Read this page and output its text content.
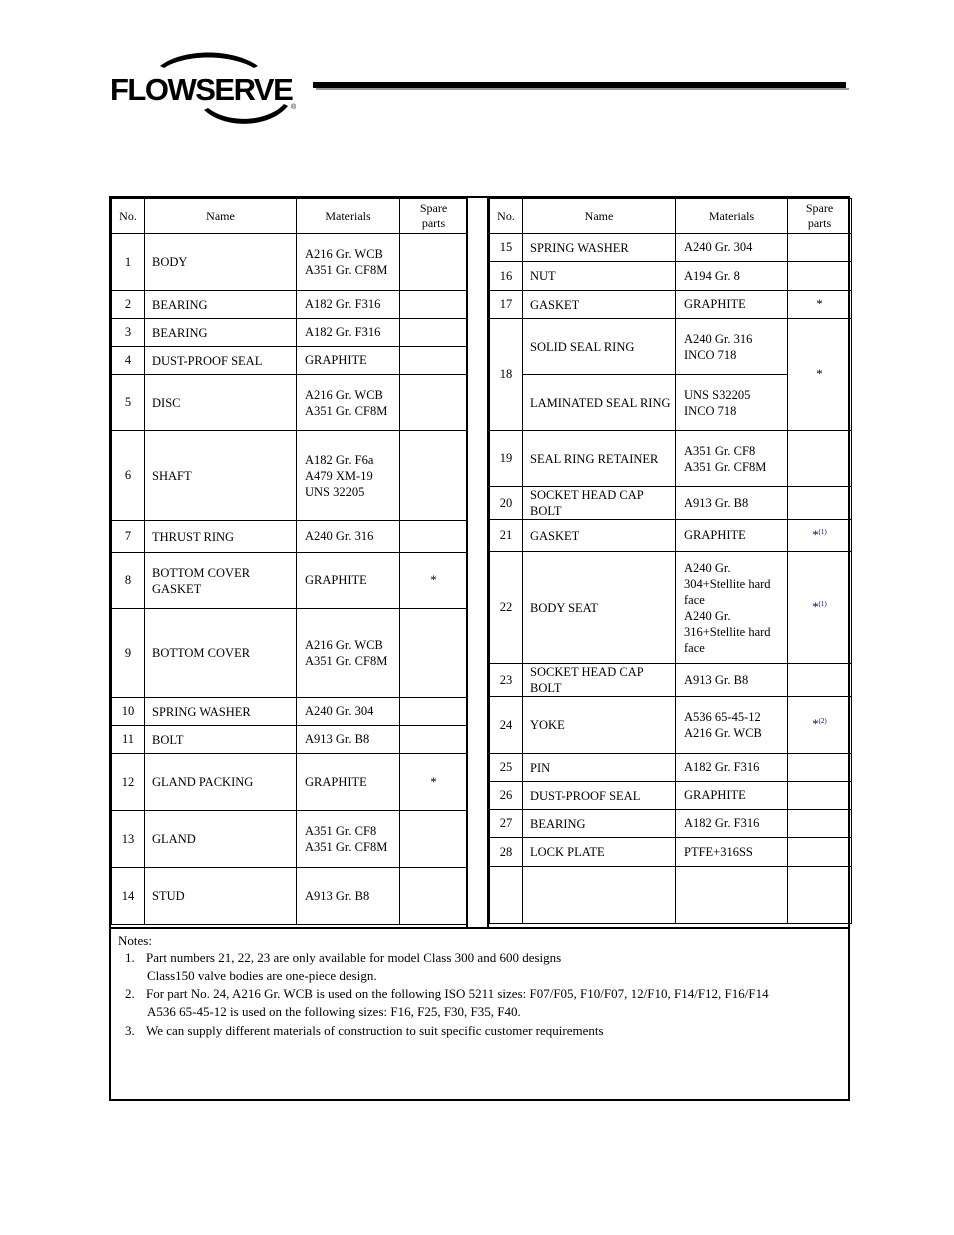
FLOWSERVE
®
No.	Name	Materials	Spare
parts
1	BODY	A216 Gr. WCB
A351 Gr. CF8M	

2	BEARING	A182 Gr. F316	
3	BEARING	A182 Gr. F316	
4	DUST-PROOF SEAL	GRAPHITE	
5	DISC	A216 Gr. WCB
A351 Gr. CF8M	

6	SHAFT	A182 Gr. F6a
A479 XM-19
UNS 32205	

7	THRUST RING	A240 Gr. 316	
8	BOTTOM COVER GASKET	GRAPHITE	*
9	BOTTOM COVER	A216 Gr. WCB
A351 Gr. CF8M	

10	SPRING WASHER	A240 Gr. 304	
11	BOLT	A913 Gr. B8	
12	GLAND PACKING	GRAPHITE	*
13	GLAND	A351 Gr. CF8
A351 Gr. CF8M	

14	STUD	A913 Gr. B8	
No.	Name	Materials	Spare
parts
15	SPRING WASHER	A240 Gr. 304	
16	NUT	A194 Gr. 8	
17	GASKET	GRAPHITE	*
18	SOLID SEAL RING	A240 Gr. 316
INCO 718	*
	LAMINATED SEAL RING	UNS S32205
INCO 718	

19	SEAL RING RETAINER	A351 Gr. CF8
A351 Gr. CF8M	

20	SOCKET HEAD CAP BOLT	A913 Gr. B8	
21	GASKET	GRAPHITE	*$^{(1)}$
22	BODY SEAT	A240 Gr. 304+Stellite hard face
A240 Gr. 316+Stellite hard face	*$^{(1)}$
23	SOCKET HEAD CAP BOLT	A913 Gr. B8	
24	YOKE	A536 65-45-12
A216 Gr. WCB	*$^{(2)}$
25	PIN	A182 Gr. F316	
26	DUST-PROOF SEAL	GRAPHITE	
27	BEARING	A182 Gr. F316	
28	LOCK PLATE	PTFE+316SS	

Notes:
1. Part numbers 21, 22, 23 are only available for model Class 300 and 600 designs
Class150 valve bodies are one-piece design.
2. For part No. 24, A216 Gr. WCB is used on the following ISO 5211 sizes: F07/F05, F10/F07, 12/F10, F14/F12, F16/F14
A536 65-45-12 is used on the following sizes: F16, F25, F30, F35, F40.
3. We can supply different materials of construction to suit specific customer requirements
